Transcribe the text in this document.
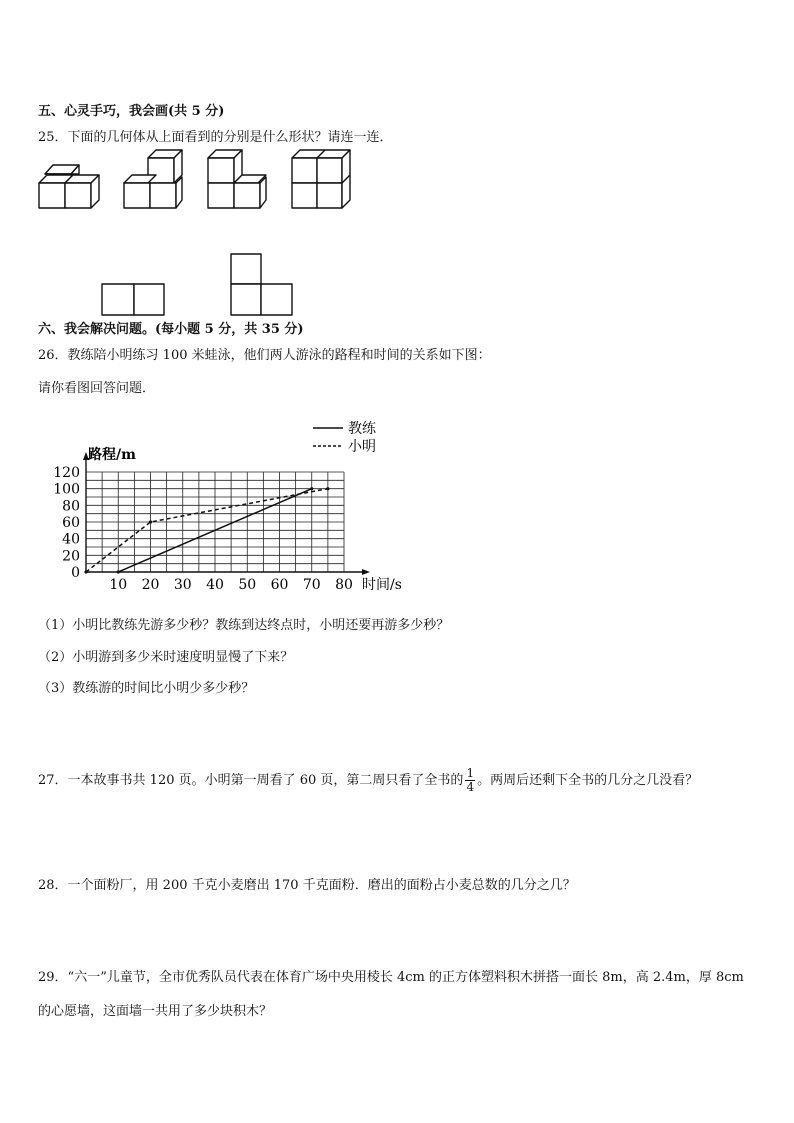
五、心灵手巧，我会画(共 5 分)
25．下面的几何体从上面看到的分别是什么形状？请连一连．
六、我会解决问题。(每小题 5 分，共 35 分)
26．教练陪小明练习 100 米蛙泳，他们两人游泳的路程和时间的关系如下图：
请你看图回答问题．
路程/m
时间/s
10 20 30 40 50 60 70 80
0
20
40
60
80
100
120
教练
小明
（1）小明比教练先游多少秒？教练到达终点时，小明还要再游多少秒？
（2）小明游到多少米时速度明显慢了下来？
（3）教练游的时间比小明少多少秒？
27．一本故事书共 120 页。小明第一周看了 60 页，第二周只看了全书的 $\frac{1}{4}$ 。两周后还剩下全书的几分之几没看？
28．一个面粉厂，用 200 千克小麦磨出 170 千克面粉．磨出的面粉占小麦总数的几分之几？
29．“六一”儿童节，全市优秀队员代表在体育广场中央用棱长 4cm 的正方体塑料积木拼搭一面长 8m，高 2.4m，厚 8cm
的心愿墙，这面墙一共用了多少块积木？
